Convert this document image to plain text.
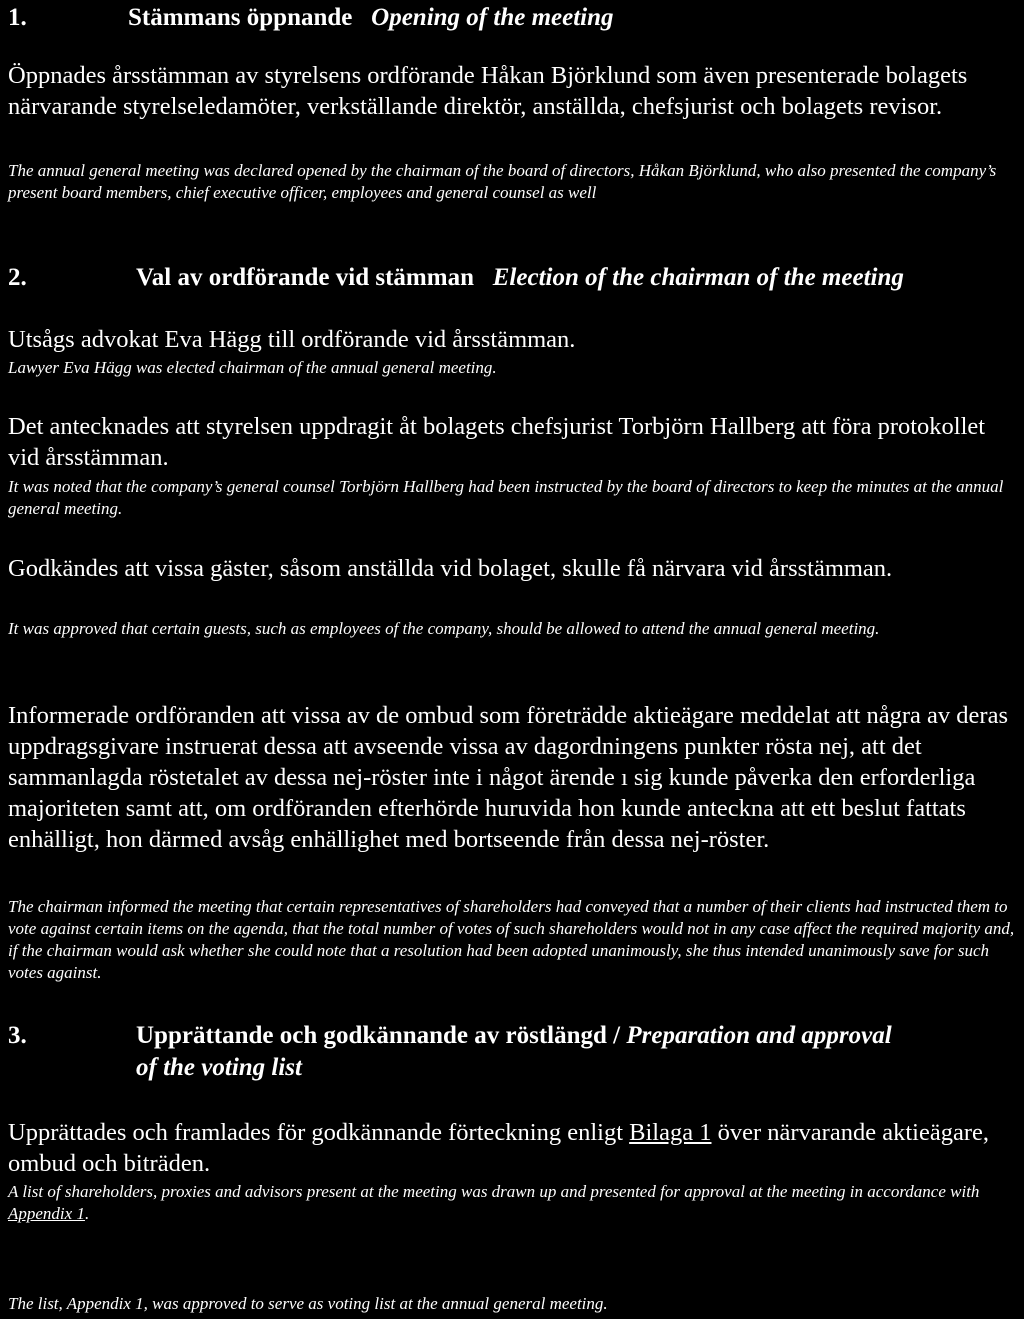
1.	Stämmans öppnande Opening of the meeting
Öppnades årsstämman av styrelsens ordförande Håkan Björklund som även presenterade bolagets närvarande styrelseledamöter, verkställande direktör, anställda, chefsjurist och bolagets revisor.
The annual general meeting was declared opened by the chairman of the board of directors, Håkan Björklund, who also presented the company’s present board members, chief executive officer, employees and general counsel as well
2.	Val av ordförande vid stämman Election of the chairman of the meeting
Utsågs advokat Eva Hägg till ordförande vid årsstämman.
Lawyer Eva Hägg was elected chairman of the annual general meeting.
Det antecknades att styrelsen uppdragit åt bolagets chefsjurist Torbjörn Hallberg att föra protokollet vid årsstämman.
It was noted that the company’s general counsel Torbjörn Hallberg had been instructed by the board of directors to keep the minutes at the annual general meeting.
Godkändes att vissa gäster, såsom anställda vid bolaget, skulle få närvara vid årsstämman.
It was approved that certain guests, such as employees of the company, should be allowed to attend the annual general meeting.
Informerade ordföranden att vissa av de ombud som företrädde aktieägare meddelat att några av deras uppdragsgivare instruerat dessa att avseende vissa av dagordningens punkter rösta nej, att det sammanlagda röstetalet av dessa nej-röster inte i något ärende ı sig kunde påverka den erforderliga majoriteten samt att, om ordföranden efterhörde huruvida hon kunde anteckna att ett beslut fattats enhälligt, hon därmed avsåg enhällighet med bortseende från dessa nej-röster.
The chairman informed the meeting that certain representatives of shareholders had conveyed that a number of their clients had instructed them to vote against certain items on the agenda, that the total number of votes of such shareholders would not in any case affect the required majority and, if the chairman would ask whether she could note that a resolution had been adopted unanimously, she thus intended unanimously save for such votes against.
3.	Upprättande och godkännande av röstlängd / Preparation and approval
of the voting list
Upprättades och framlades för godkännande förteckning enligt Bilaga 1 över närvarande aktieägare, ombud och biträden.
A list of shareholders, proxies and advisors present at the meeting was drawn up and presented for approval at the meeting in accordance with Appendix 1.
The list, Appendix 1, was approved to serve as voting list at the annual general meeting.
